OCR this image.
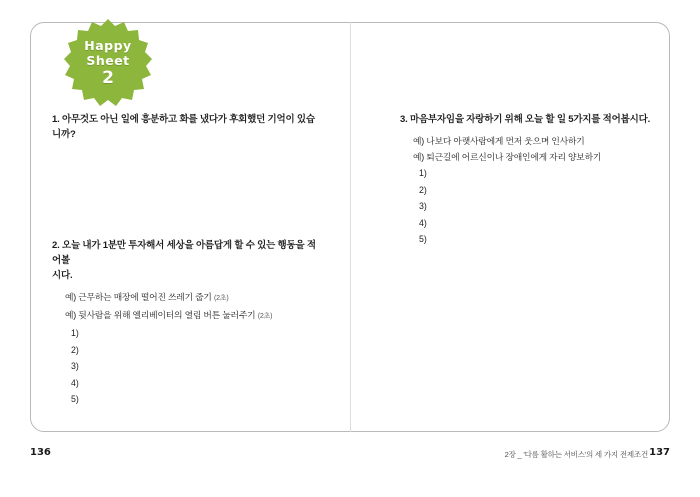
Happy
Sheet
2
1. 아무것도 아닌 일에 흥분하고 화를 냈다가 후회했던 기억이 있습니까?
2. 오늘 내가 1분만 투자해서 세상을 아름답게 할 수 있는 행동을 적어볼
시다.
예) 근무하는 매장에 떨어진 쓰레기 줍기 (2초)
예) 뒷사람을 위해 엘리베이터의 열림 버튼 눌러주기 (2초)
1)
2)
3)
4)
5)
3. 마음부자임을 자랑하기 위해 오늘 할 일 5가지를 적어봅시다.
예) 나보다 아랫사람에게 먼저 웃으며 인사하기
예) 퇴근길에 어르신이나 장애인에게 자리 양보하기
1)
2)
3)
4)
5)
136	2장 _ '다름 활하는 서비스'의 세 가지 전제조건 137
